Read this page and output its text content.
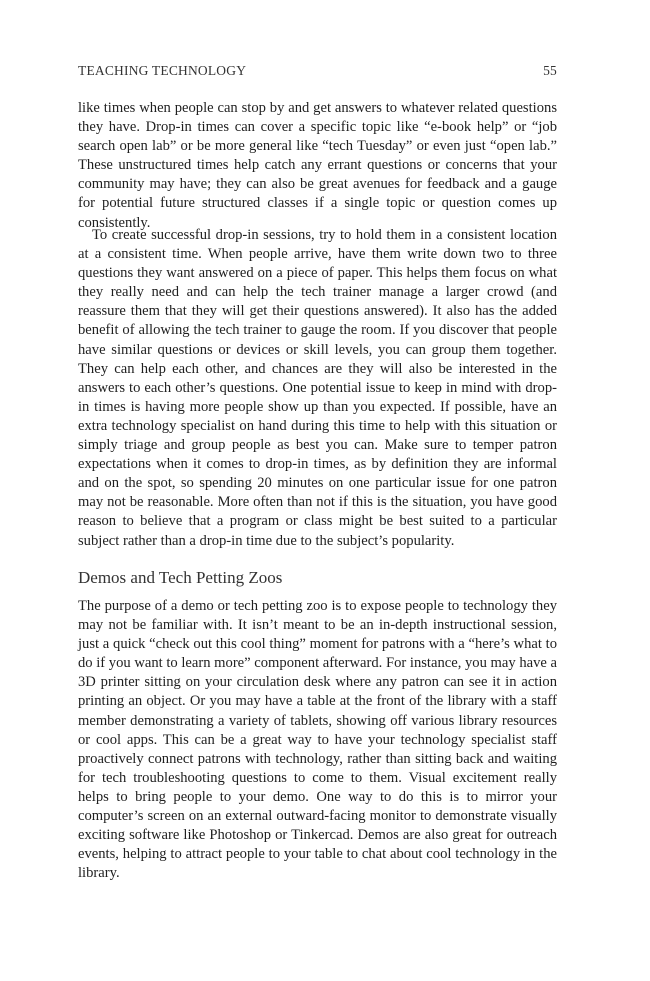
TEACHING TECHNOLOGY	55

like times when people can stop by and get answers to whatever related questions they have. Drop-in times can cover a specific topic like “e-book help” or “job search open lab” or be more general like “tech Tuesday” or even just “open lab.” These unstructured times help catch any errant questions or concerns that your community may have; they can also be great avenues for feedback and a gauge for potential future structured classes if a single topic or question comes up consistently.

To create successful drop-in sessions, try to hold them in a consistent location at a consistent time. When people arrive, have them write down two to three questions they want answered on a piece of paper. This helps them focus on what they really need and can help the tech trainer manage a larger crowd (and reassure them that they will get their questions answered). It also has the added benefit of allowing the tech trainer to gauge the room. If you discover that people have similar questions or devices or skill levels, you can group them together. They can help each other, and chances are they will also be interested in the answers to each other’s questions. One potential issue to keep in mind with drop-in times is having more people show up than you expected. If possible, have an extra technology specialist on hand during this time to help with this situation or simply triage and group people as best you can. Make sure to temper patron expectations when it comes to drop-in times, as by definition they are informal and on the spot, so spending 20 minutes on one particular issue for one patron may not be reasonable. More often than not if this is the situation, you have good reason to believe that a program or class might be best suited to a particular subject rather than a drop-in time due to the subject’s popularity.

Demos and Tech Petting Zoos

The purpose of a demo or tech petting zoo is to expose people to technology they may not be familiar with. It isn’t meant to be an in-depth instructional session, just a quick “check out this cool thing” moment for patrons with a “here’s what to do if you want to learn more” component afterward. For instance, you may have a 3D printer sitting on your circulation desk where any patron can see it in action printing an object. Or you may have a table at the front of the library with a staff member demonstrating a variety of tablets, showing off various library resources or cool apps. This can be a great way to have your technology specialist staff proactively connect patrons with technology, rather than sitting back and waiting for tech troubleshooting questions to come to them. Visual excitement really helps to bring people to your demo. One way to do this is to mirror your computer’s screen on an external outward-facing monitor to demonstrate visually exciting software like Photoshop or Tinkercad. Demos are also great for outreach events, helping to attract people to your table to chat about cool technology in the library.
